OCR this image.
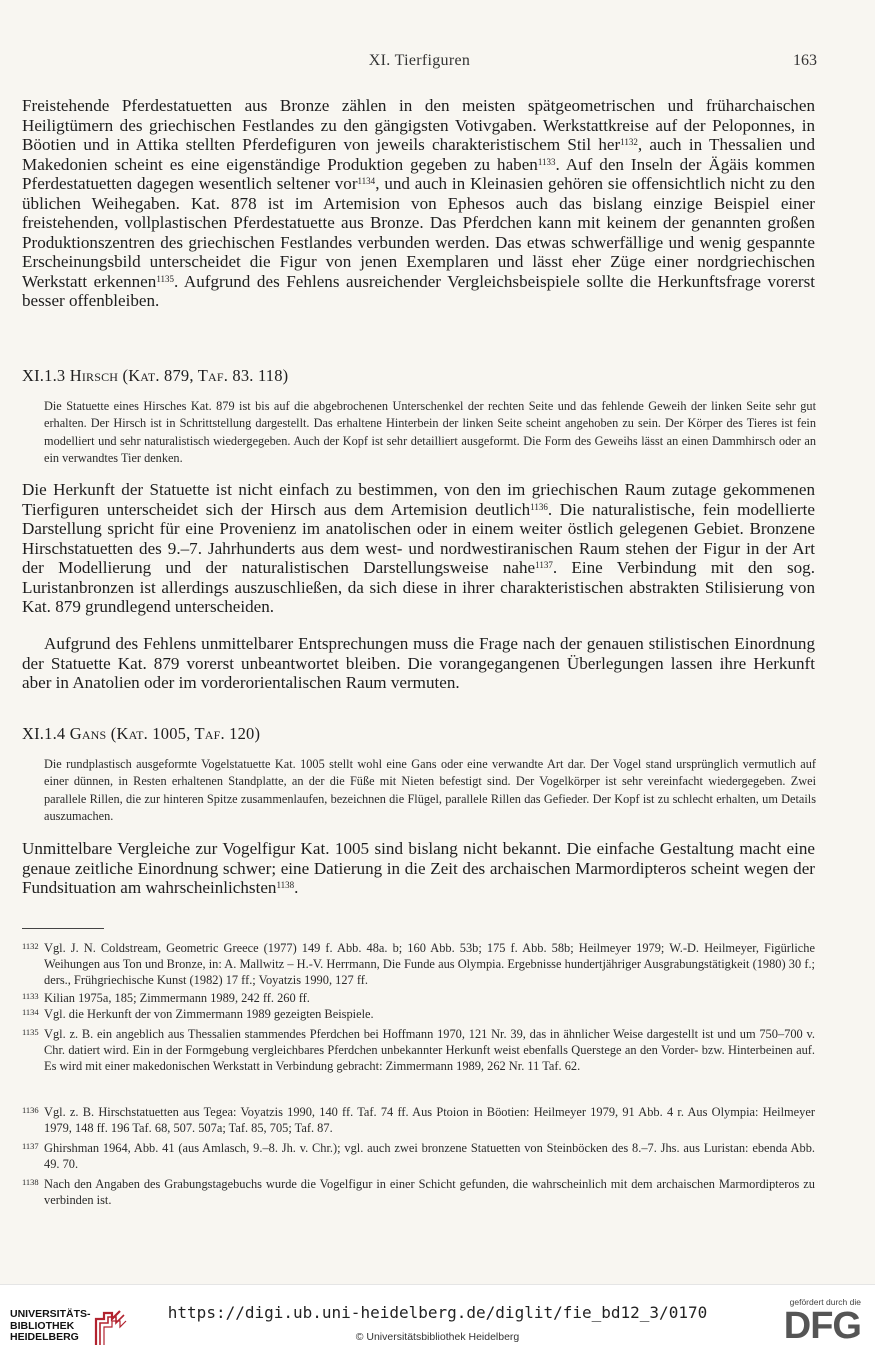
XI. Tierfiguren	163

Freistehende Pferdestatuetten aus Bronze zählen in den meisten spätgeometrischen und früharchaischen Heiligtümern des griechischen Festlandes zu den gängigsten Votivgaben. Werkstattkreise auf der Peloponnes, in Böotien und in Attika stellten Pferdefiguren von jeweils charakteristischem Stil her$^{1132}$, auch in Thessalien und Makedonien scheint es eine eigenständige Produktion gegeben zu haben$^{1133}$. Auf den Inseln der Ägäis kommen Pferdestatuetten dagegen wesentlich seltener vor$^{1134}$, und auch in Kleinasien gehören sie offensichtlich nicht zu den üblichen Weihegaben. Kat. 878 ist im Artemision von Ephesos auch das bislang einzige Beispiel einer freistehenden, vollplastischen Pferdestatuette aus Bronze. Das Pferdchen kann mit keinem der genannten großen Produktionszentren des griechischen Festlandes verbunden werden. Das etwas schwerfällige und wenig gespannte Erscheinungsbild unterscheidet die Figur von jenen Exemplaren und lässt eher Züge einer nordgriechischen Werkstatt erkennen$^{1135}$. Aufgrund des Fehlens ausreichender Vergleichsbeispiele sollte die Herkunftsfrage vorerst besser offenbleiben.

XI.1.3 Hirsch (Kat. 879, Taf. 83. 118)

Die Statuette eines Hirsches Kat. 879 ist bis auf die abgebrochenen Unterschenkel der rechten Seite und das fehlende Geweih der linken Seite sehr gut erhalten. Der Hirsch ist in Schrittstellung dargestellt. Das erhaltene Hinterbein der linken Seite scheint angehoben zu sein. Der Körper des Tieres ist fein modelliert und sehr naturalistisch wiedergegeben. Auch der Kopf ist sehr detailliert ausgeformt. Die Form des Geweihs lässt an einen Dammhirsch oder an ein verwandtes Tier denken.

Die Herkunft der Statuette ist nicht einfach zu bestimmen, von den im griechischen Raum zutage gekommenen Tierfiguren unterscheidet sich der Hirsch aus dem Artemision deutlich$^{1136}$. Die naturalistische, fein modellierte Darstellung spricht für eine Provenienz im anatolischen oder in einem weiter östlich gelegenen Gebiet. Bronzene Hirschstatuetten des 9.–7. Jahrhunderts aus dem west- und nordwestiranischen Raum stehen der Figur in der Art der Modellierung und der naturalistischen Darstellungsweise nahe$^{1137}$. Eine Verbindung mit den sog. Luristanbronzen ist allerdings auszuschließen, da sich diese in ihrer charakteristischen abstrakten Stilisierung von Kat. 879 grundlegend unterscheiden.

Aufgrund des Fehlens unmittelbarer Entsprechungen muss die Frage nach der genauen stilistischen Einordnung der Statuette Kat. 879 vorerst unbeantwortet bleiben. Die vorangegangenen Überlegungen lassen ihre Herkunft aber in Anatolien oder im vorderorientalischen Raum vermuten.

XI.1.4 Gans (Kat. 1005, Taf. 120)

Die rundplastisch ausgeformte Vogelstatuette Kat. 1005 stellt wohl eine Gans oder eine verwandte Art dar. Der Vogel stand ursprünglich vermutlich auf einer dünnen, in Resten erhaltenen Standplatte, an der die Füße mit Nieten befestigt sind. Der Vogelkörper ist sehr vereinfacht wiedergegeben. Zwei parallele Rillen, die zur hinteren Spitze zusammenlaufen, bezeichnen die Flügel, parallele Rillen das Gefieder. Der Kopf ist zu schlecht erhalten, um Details auszumachen.

Unmittelbare Vergleiche zur Vogelfigur Kat. 1005 sind bislang nicht bekannt. Die einfache Gestaltung macht eine genaue zeitliche Einordnung schwer; eine Datierung in die Zeit des archaischen Marmordipteros scheint wegen der Fundsituation am wahrscheinlichsten$^{1138}$.

1132 Vgl. J. N. Coldstream, Geometric Greece (1977) 149 f. Abb. 48a. b; 160 Abb. 53b; 175 f. Abb. 58b; Heilmeyer 1979; W.-D. Heilmeyer, Figürliche Weihungen aus Ton und Bronze, in: A. Mallwitz – H.-V. Herrmann, Die Funde aus Olympia. Ergebnisse hundertjähriger Ausgrabungstätigkeit (1980) 30 f.; ders., Frühgriechische Kunst (1982) 17 ff.; Voyatzis 1990, 127 ff.
1133 Kilian 1975a, 185; Zimmermann 1989, 242 ff. 260 ff.
1134 Vgl. die Herkunft der von Zimmermann 1989 gezeigten Beispiele.
1135 Vgl. z. B. ein angeblich aus Thessalien stammendes Pferdchen bei Hoffmann 1970, 121 Nr. 39, das in ähnlicher Weise dargestellt ist und um 750–700 v. Chr. datiert wird. Ein in der Formgebung vergleichbares Pferdchen unbekannter Herkunft weist ebenfalls Querstege an den Vorder- bzw. Hinterbeinen auf. Es wird mit einer makedonischen Werkstatt in Verbindung gebracht: Zimmermann 1989, 262 Nr. 11 Taf. 62.
1136 Vgl. z. B. Hirschstatuetten aus Tegea: Voyatzis 1990, 140 ff. Taf. 74 ff. Aus Ptoion in Böotien: Heilmeyer 1979, 91 Abb. 4 r. Aus Olympia: Heilmeyer 1979, 148 ff. 196 Taf. 68, 507. 507a; Taf. 85, 705; Taf. 87.
1137 Ghirshman 1964, Abb. 41 (aus Amlasch, 9.–8. Jh. v. Chr.); vgl. auch zwei bronzene Statuetten von Steinböcken des 8.–7. Jhs. aus Luristan: ebenda Abb. 49. 70.
1138 Nach den Angaben des Grabungstagebuchs wurde die Vogelfigur in einer Schicht gefunden, die wahrscheinlich mit dem archaischen Marmordipteros zu verbinden ist.
UNIVERSITÄTS-
BIBLIOTHEK
HEIDELBERG
https://digi.ub.uni-heidelberg.de/diglit/fie_bd12_3/0170
© Universitätsbibliothek Heidelberg
gefördert durch die
DFG
